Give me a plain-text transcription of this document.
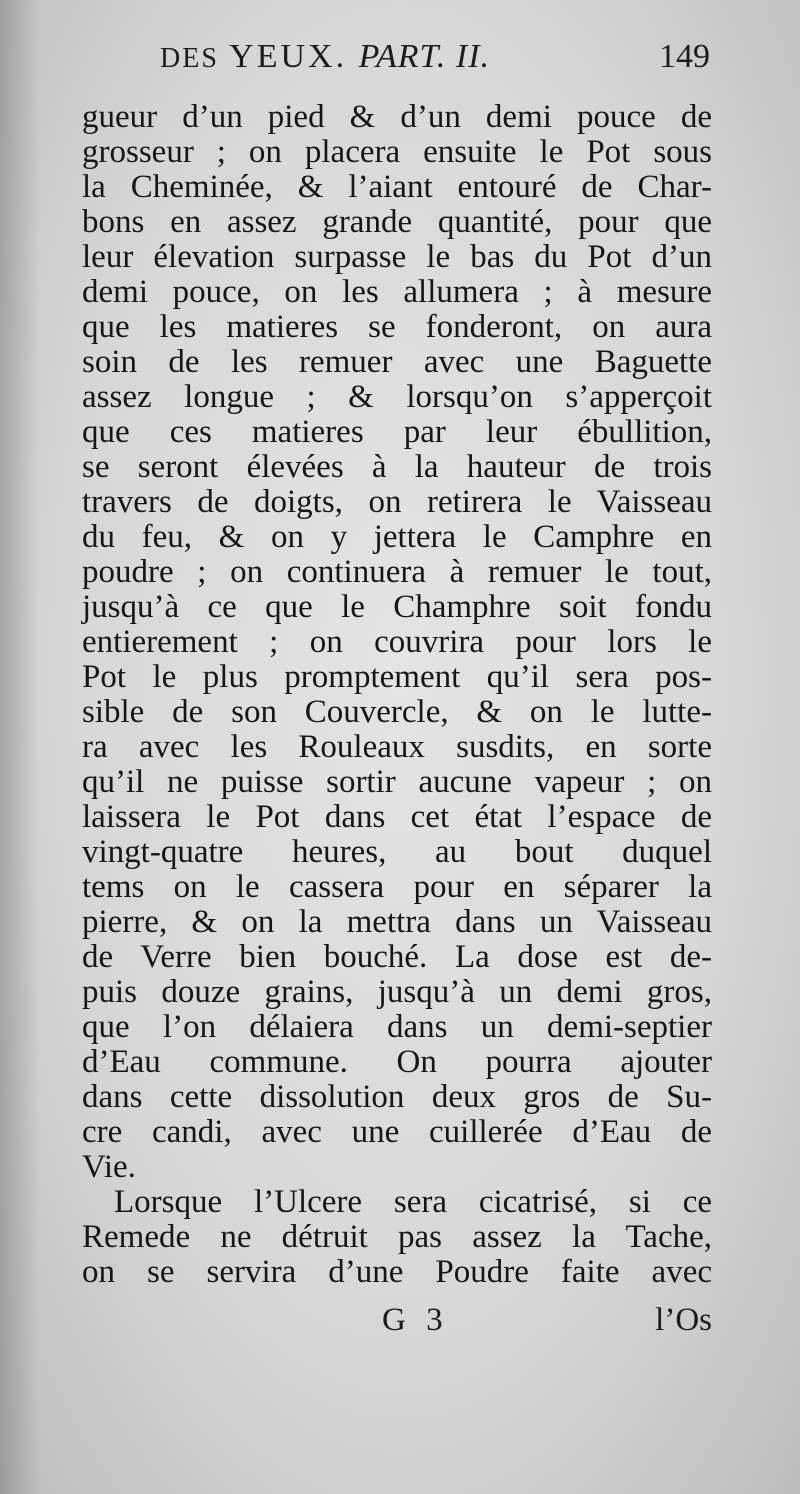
DES YEUX. PART. II.	149
gueur d’un pied & d’un demi pouce de
grosseur ; on placera ensuite le Pot sous
la Cheminée, & l’aiant entouré de Char-
bons en assez grande quantité, pour que
leur élevation surpasse le bas du Pot d’un
demi pouce, on les allumera ; à mesure
que les matieres se fonderont, on aura
soin de les remuer avec une Baguette
assez longue ; & lorsqu’on s’apperçoit
que ces matieres par leur ébullition,
se seront élevées à la hauteur de trois
travers de doigts, on retirera le Vaisseau
du feu, & on y jettera le Camphre en
poudre ; on continuera à remuer le tout,
jusqu’à ce que le Champhre soit fondu
entierement ; on couvrira pour lors le
Pot le plus promptement qu’il sera pos-
sible de son Couvercle, & on le lutte-
ra avec les Rouleaux susdits, en sorte
qu’il ne puisse sortir aucune vapeur ; on
laissera le Pot dans cet état l’espace de
vingt-quatre heures, au bout duquel
tems on le cassera pour en séparer la
pierre, & on la mettra dans un Vaisseau
de Verre bien bouché. La dose est de-
puis douze grains, jusqu’à un demi gros,
que l’on délaiera dans un demi-septier
d’Eau commune. On pourra ajouter
dans cette dissolution deux gros de Su-
cre candi, avec une cuillerée d’Eau de
Vie.
Lorsque l’Ulcere sera cicatrisé, si ce
Remede ne détruit pas assez la Tache,
on se servira d’une Poudre faite avec
G 3	l’Os
